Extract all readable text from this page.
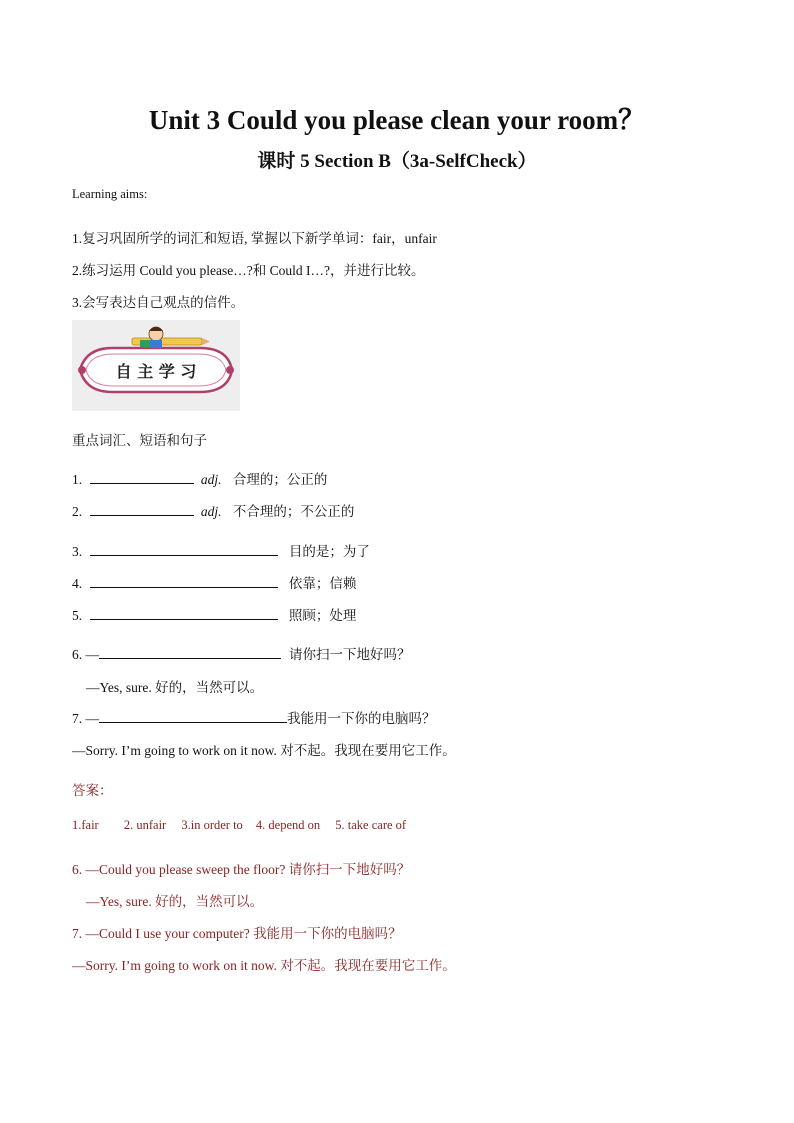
Unit 3 Could you please clean your room？
课时 5 Section B（3a-SelfCheck）
Learning aims:
1.复习巩固所学的词汇和短语, 掌握以下新学单词：fair，unfair
2.练习运用 Could you please…?和 Could I…?，并进行比较。
3.会写表达自己观点的信件。
自 主 学 习
重点词汇、短语和句子
1.	adj. 合理的；公正的
2.	adj. 不合理的；不公正的
3.	目的是；为了
4.	依靠；信赖
5.	照顾；处理
6. —	请你扫一下地好吗？
—Yes, sure. 好的，当然可以。
7. —	我能用一下你的电脑吗？
—Sorry. I’m going to work on it now. 对不起。我现在要用它工作。
答案：
1.fair 2. unfair 3.in order to 4. depend on 5. take care of
6. —Could you please sweep the floor? 请你扫一下地好吗？
—Yes, sure. 好的，当然可以。
7. —Could I use your computer? 我能用一下你的电脑吗？
—Sorry. I’m going to work on it now. 对不起。我现在要用它工作。
